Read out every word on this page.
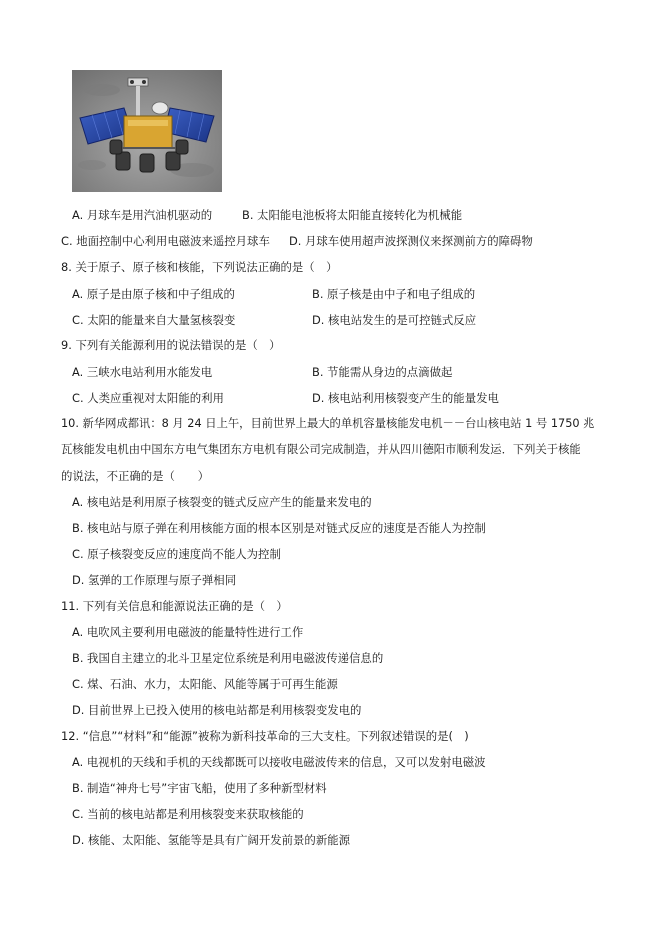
A. 月球车是用汽油机驱动的	B. 太阳能电池板将太阳能直接转化为机械能
C. 地面控制中心利用电磁波来遥控月球车 D. 月球车使用超声波探测仪来探测前方的障碍物
8. 关于原子、原子核和核能，下列说法正确的是（　）
A. 原子是由原子核和中子组成的	B. 原子核是由中子和电子组成的
C. 太阳的能量来自大量氢核裂变	D. 核电站发生的是可控链式反应
9. 下列有关能源利用的说法错误的是（　）
A. 三峡水电站利用水能发电	B. 节能需从身边的点滴做起
C. 人类应重视对太阳能的利用	D. 核电站利用核裂变产生的能量发电
10. 新华网成都讯：8 月 24 日上午，目前世界上最大的单机容量核能发电机－－台山核电站 1 号 1750 兆
瓦核能发电机由中国东方电气集团东方电机有限公司完成制造，并从四川德阳市顺利发运．下列关于核能
的说法，不正确的是（　　）
A. 核电站是利用原子核裂变的链式反应产生的能量来发电的
B. 核电站与原子弹在利用核能方面的根本区别是对链式反应的速度是否能人为控制
C. 原子核裂变反应的速度尚不能人为控制
D. 氢弹的工作原理与原子弹相同
11. 下列有关信息和能源说法正确的是（　）
A. 电吹风主要利用电磁波的能量特性进行工作
B. 我国自主建立的北斗卫星定位系统是利用电磁波传递信息的
C. 煤、石油、水力，太阳能、风能等属于可再生能源
D. 目前世界上已投入使用的核电站都是利用核裂变发电的
12. “信息”“材料”和“能源”被称为新科技革命的三大支柱。下列叙述错误的是(　)
A. 电视机的天线和手机的天线都既可以接收电磁波传来的信息，又可以发射电磁波
B. 制造“神舟七号”宇宙飞船，使用了多种新型材料
C. 当前的核电站都是利用核裂变来获取核能的
D. 核能、太阳能、氢能等是具有广阔开发前景的新能源
